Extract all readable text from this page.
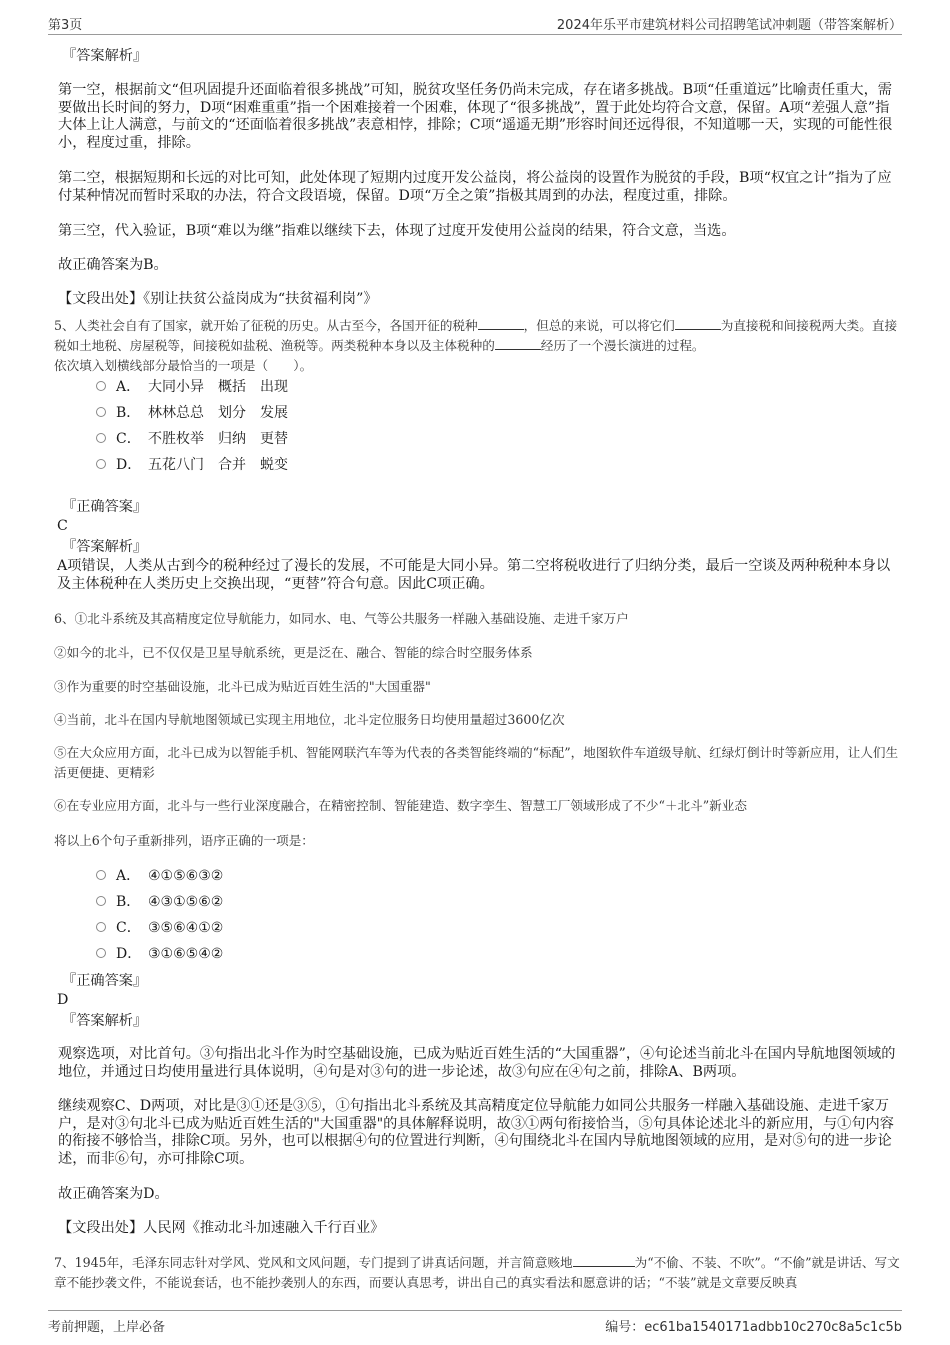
第3页	2024年乐平市建筑材料公司招聘笔试冲刺题（带答案解析）
『答案解析』
第一空，根据前文“但巩固提升还面临着很多挑战”可知，脱贫攻坚任务仍尚未完成，存在诸多挑战。B项“任重道远”比喻责任重大，需要做出长时间的努力，D项“困难重重”指一个困难接着一个困难，体现了“很多挑战”，置于此处均符合文意，保留。A项“差强人意”指大体上让人满意，与前文的“还面临着很多挑战”表意相悖，排除；C项“遥遥无期”形容时间还远得很，不知道哪一天，实现的可能性很小，程度过重，排除。
第二空，根据短期和长远的对比可知，此处体现了短期内过度开发公益岗，将公益岗的设置作为脱贫的手段，B项“权宜之计”指为了应付某种情况而暂时采取的办法，符合文段语境，保留。D项“万全之策”指极其周到的办法，程度过重，排除。
第三空，代入验证，B项“难以为继”指难以继续下去，体现了过度开发使用公益岗的结果，符合文意，当选。
故正确答案为B。
【文段出处】《别让扶贫公益岗成为“扶贫福利岗”》
5、人类社会自有了国家，就开始了征税的历史。从古至今，各国开征的税种	，但总的来说，可以将它们	为直接税和间接税两大类。直接税如土地税、房屋税等，间接税如盐税、渔税等。两类税种本身以及主体税种的	经历了一个漫长演进的过程。
依次填入划横线部分最恰当的一项是（　　）。
A． 大同小异 概括 出现
B． 林林总总 划分 发展
C． 不胜枚举 归纳 更替
D． 五花八门 合并 蜕变
『正确答案』
C
『答案解析』
A项错误，人类从古到今的税种经过了漫长的发展，不可能是大同小异。第二空将税收进行了归纳分类，最后一空谈及两种税种本身以及主体税种在人类历史上交换出现，“更替”符合句意。因此C项正确。
6、①北斗系统及其高精度定位导航能力，如同水、电、气等公共服务一样融入基础设施、走进千家万户
②如今的北斗，已不仅仅是卫星导航系统，更是泛在、融合、智能的综合时空服务体系
③作为重要的时空基础设施，北斗已成为贴近百姓生活的"大国重器"
④当前，北斗在国内导航地图领域已实现主用地位，北斗定位服务日均使用量超过3600亿次
⑤在大众应用方面，北斗已成为以智能手机、智能网联汽车等为代表的各类智能终端的“标配”，地图软件车道级导航、红绿灯倒计时等新应用，让人们生活更便捷、更精彩
⑥在专业应用方面，北斗与一些行业深度融合，在精密控制、智能建造、数字孪生、智慧工厂领域形成了不少“＋北斗”新业态
将以上6个句子重新排列，语序正确的一项是：
A． ④①⑤⑥③②
B． ④③①⑤⑥②
C． ③⑤⑥④①②
D． ③①⑥⑤④②
『正确答案』
D
『答案解析』
观察选项，对比首句。③句指出北斗作为时空基础设施，已成为贴近百姓生活的“大国重器”，④句论述当前北斗在国内导航地图领域的地位，并通过日均使用量进行具体说明，④句是对③句的进一步论述，故③句应在④句之前，排除A、B两项。
继续观察C、D两项，对比是③①还是③⑤，①句指出北斗系统及其高精度定位导航能力如同公共服务一样融入基础设施、走进千家万户，是对③句北斗已成为贴近百姓生活的"大国重器"的具体解释说明，故③①两句衔接恰当，⑤句具体论述北斗的新应用，与①句内容的衔接不够恰当，排除C项。另外，也可以根据④句的位置进行判断，④句围绕北斗在国内导航地图领域的应用，是对⑤句的进一步论述，而非⑥句，亦可排除C项。
故正确答案为D。
【文段出处】人民网《推动北斗加速融入千行百业》
7、1945年，毛泽东同志针对学风、党风和文风问题，专门提到了讲真话问题，并言简意赅地	为“不偷、不装、不吹”。“不偷”就是讲话、写文章不能抄袭文件，不能说套话，也不能抄袭别人的东西，而要认真思考，讲出自己的真实看法和愿意讲的话；“不装”就是文章要反映真
考前押题，上岸必备	编号：ec61ba1540171adbb10c270c8a5c1c5b
